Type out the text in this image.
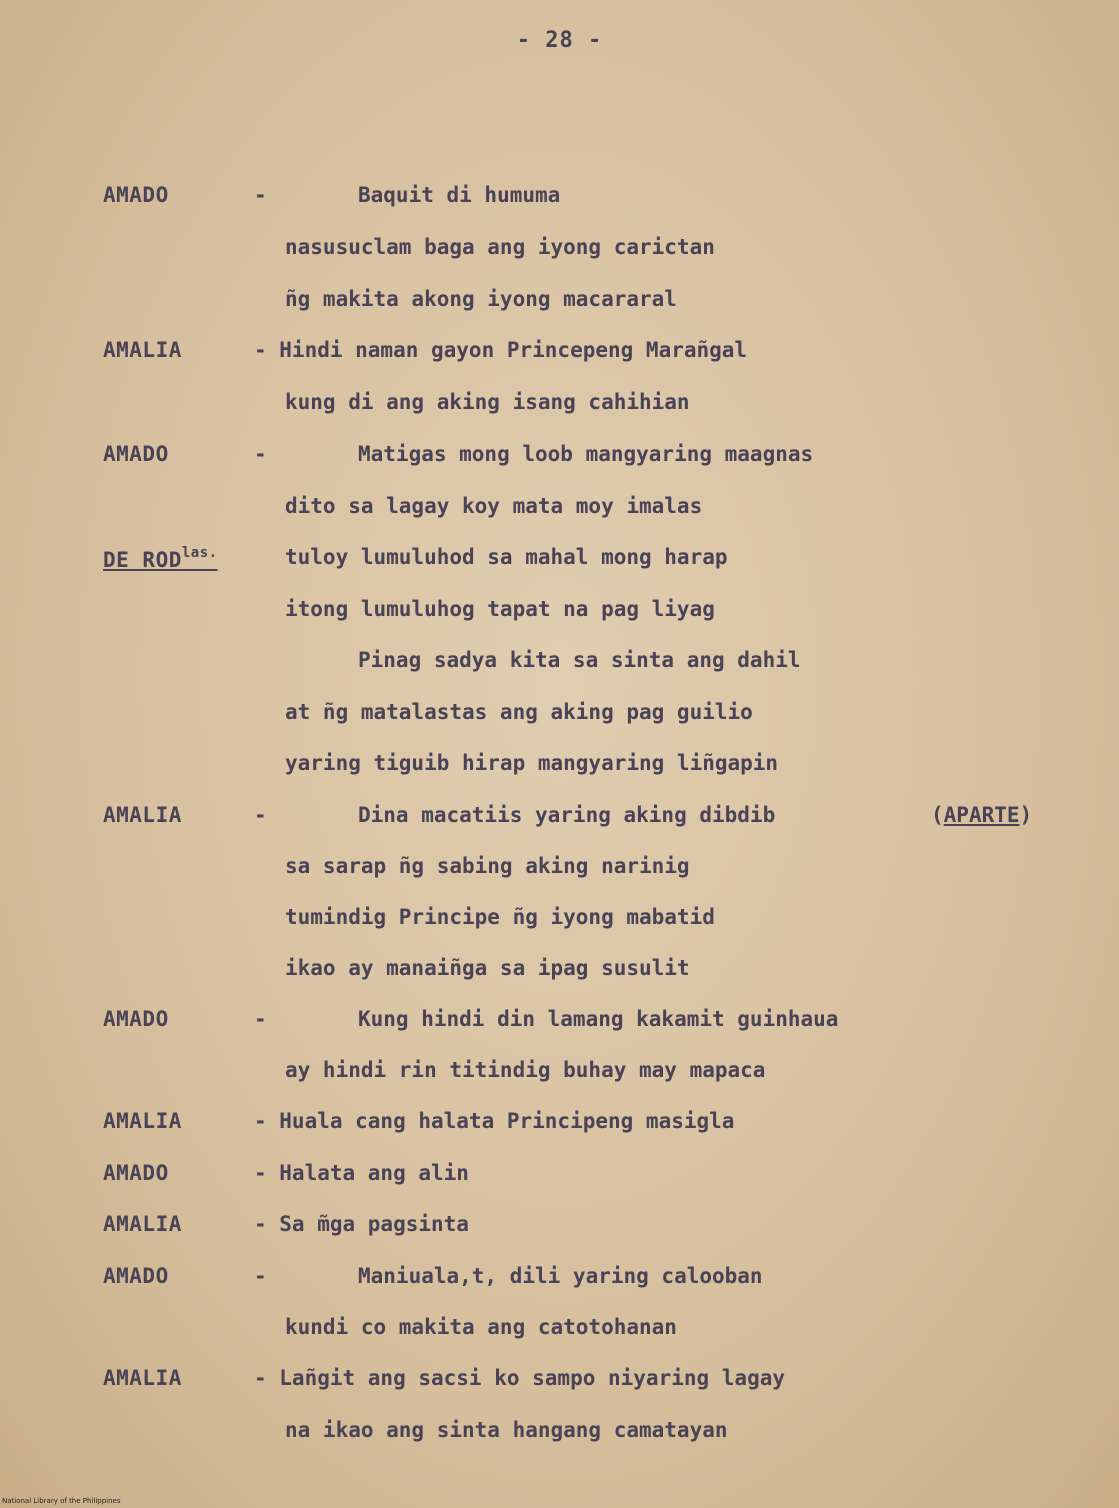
- 28 -
AMADO	-	Baquit di humuma
nasusuclam baga ang iyong carictan
ñg makita akong iyong macararal
AMALIA	- Hindi naman gayon Princepeng Marañgal
kung di ang aking isang cahihian
AMADO	-	Matigas mong loob mangyaring maagnas
dito sa lagay koy mata moy imalas
DE $ROD^{las.}$	tuloy lumuluhod sa mahal mong harap
itong lumuluhog tapat na pag liyag
Pinag sadya kita sa sinta ang dahil
at ñg matalastas ang aking pag guilio
yaring tiguib hirap mangyaring liñgapin
AMALIA	-	Dina macatiis yaring aking dibdib	(APARTE)
sa sarap ñg sabing aking narinig
tumindig Principe ñg iyong mabatid
ikao ay manaiñga sa ipag susulit
AMADO	-	Kung hindi din lamang kakamit guinhaua
ay hindi rin titindig buhay may mapaca
AMALIA	- Huala cang halata Principeng masigla
AMADO	- Halata ang alin
AMALIA	- Sa m̃ga pagsinta
AMADO	-	Maniuala,t, dili yaring calooban
kundi co makita ang catotohanan
AMALIA	- Lañgit ang sacsi ko sampo niyaring lagay
na ikao ang sinta hangang camatayan
National Library of the Philippines
